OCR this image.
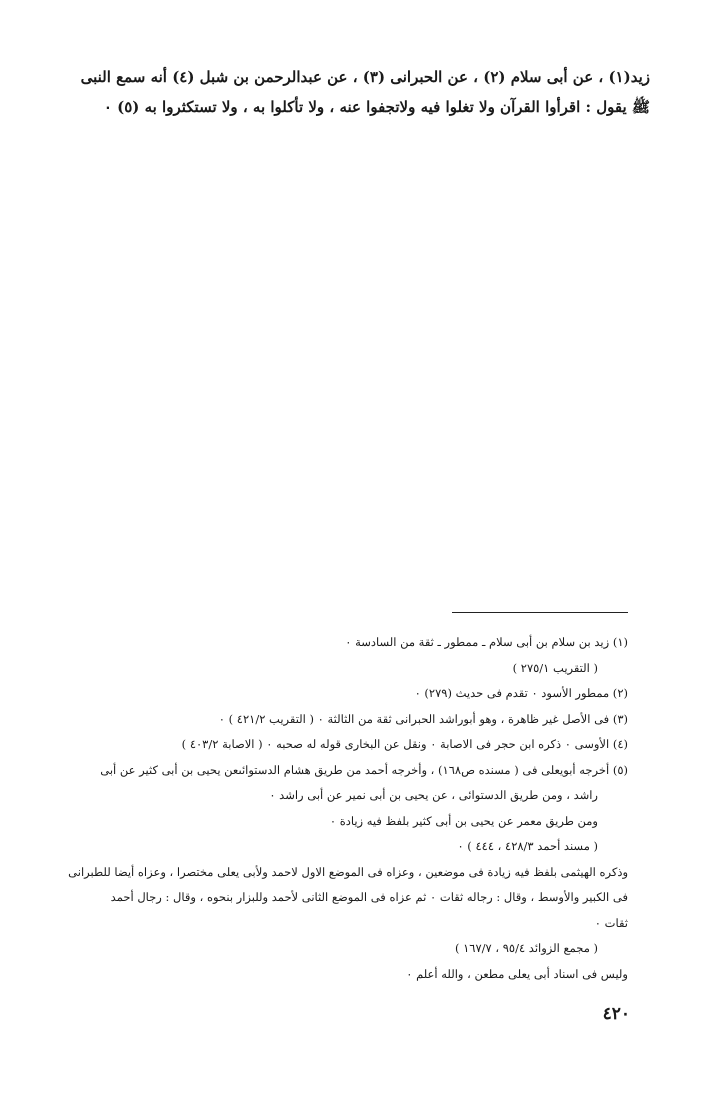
زيد(١) ، عن أبى سلام (٢) ، عن الحبرانى (٣) ، عن عبدالرحمن بن شبل (٤) أنه سمع النبى
ﷺ يقول : اقرأوا القرآن ولا تغلوا فيه ولاتجفوا عنه ، ولا تأكلوا به ، ولا تستكثروا به (٥) ٠
(١) زيد بن سلام بن أبى سلام ـ ممطور ـ ثقة من السادسة ٠
( التقريب ٢٧٥/١ )
(٢) ممطور الأسود ٠ تقدم فى حديث (٢٧٩) ٠
(٣) فى الأصل غير ظاهرة ، وهو أبوراشد الحبرانى ثقة من الثالثة ٠ ( التقريب ٤٢١/٢ ) ٠
(٤) الأوسى ٠ ذكره ابن حجر فى الاصابة ٠ ونقل عن البخارى قوله له صحبه ٠ ( الاصابة ٤٠٣/٢ )
(٥) أخرجه أبويعلى فى ( مسنده ص١٦٨) ، وأخرجه أحمد من طريق هشام الدستوائىعن يحيى بن أبى كثير عن أبى
راشد ، ومن طريق الدستوائى ، عن يحيى بن أبى نمير عن أبى راشد ٠
ومن طريق معمر عن يحيى بن أبى كثير بلفظ فيه زيادة ٠
( مسند أحمد ٤٢٨/٣ ، ٤٤٤ ) ٠
وذكره الهيثمى بلفظ فيه زيادة فى موضعين ، وعزاه فى الموضع الاول لاحمد ولأبى يعلى مختصرا ، وعزاه أيضا للطبرانى
فى الكبير والأوسط ، وقال : رجاله ثقات ٠ ثم عزاه فى الموضع الثانى لأحمد وللبزار بنحوه ، وقال : رجال أحمد
ثقات ٠
( مجمع الزوائد ٩٥/٤ ، ١٦٧/٧ )
وليس فى اسناد أبى يعلى مطعن ، والله أعلم ٠
٤٢٠
